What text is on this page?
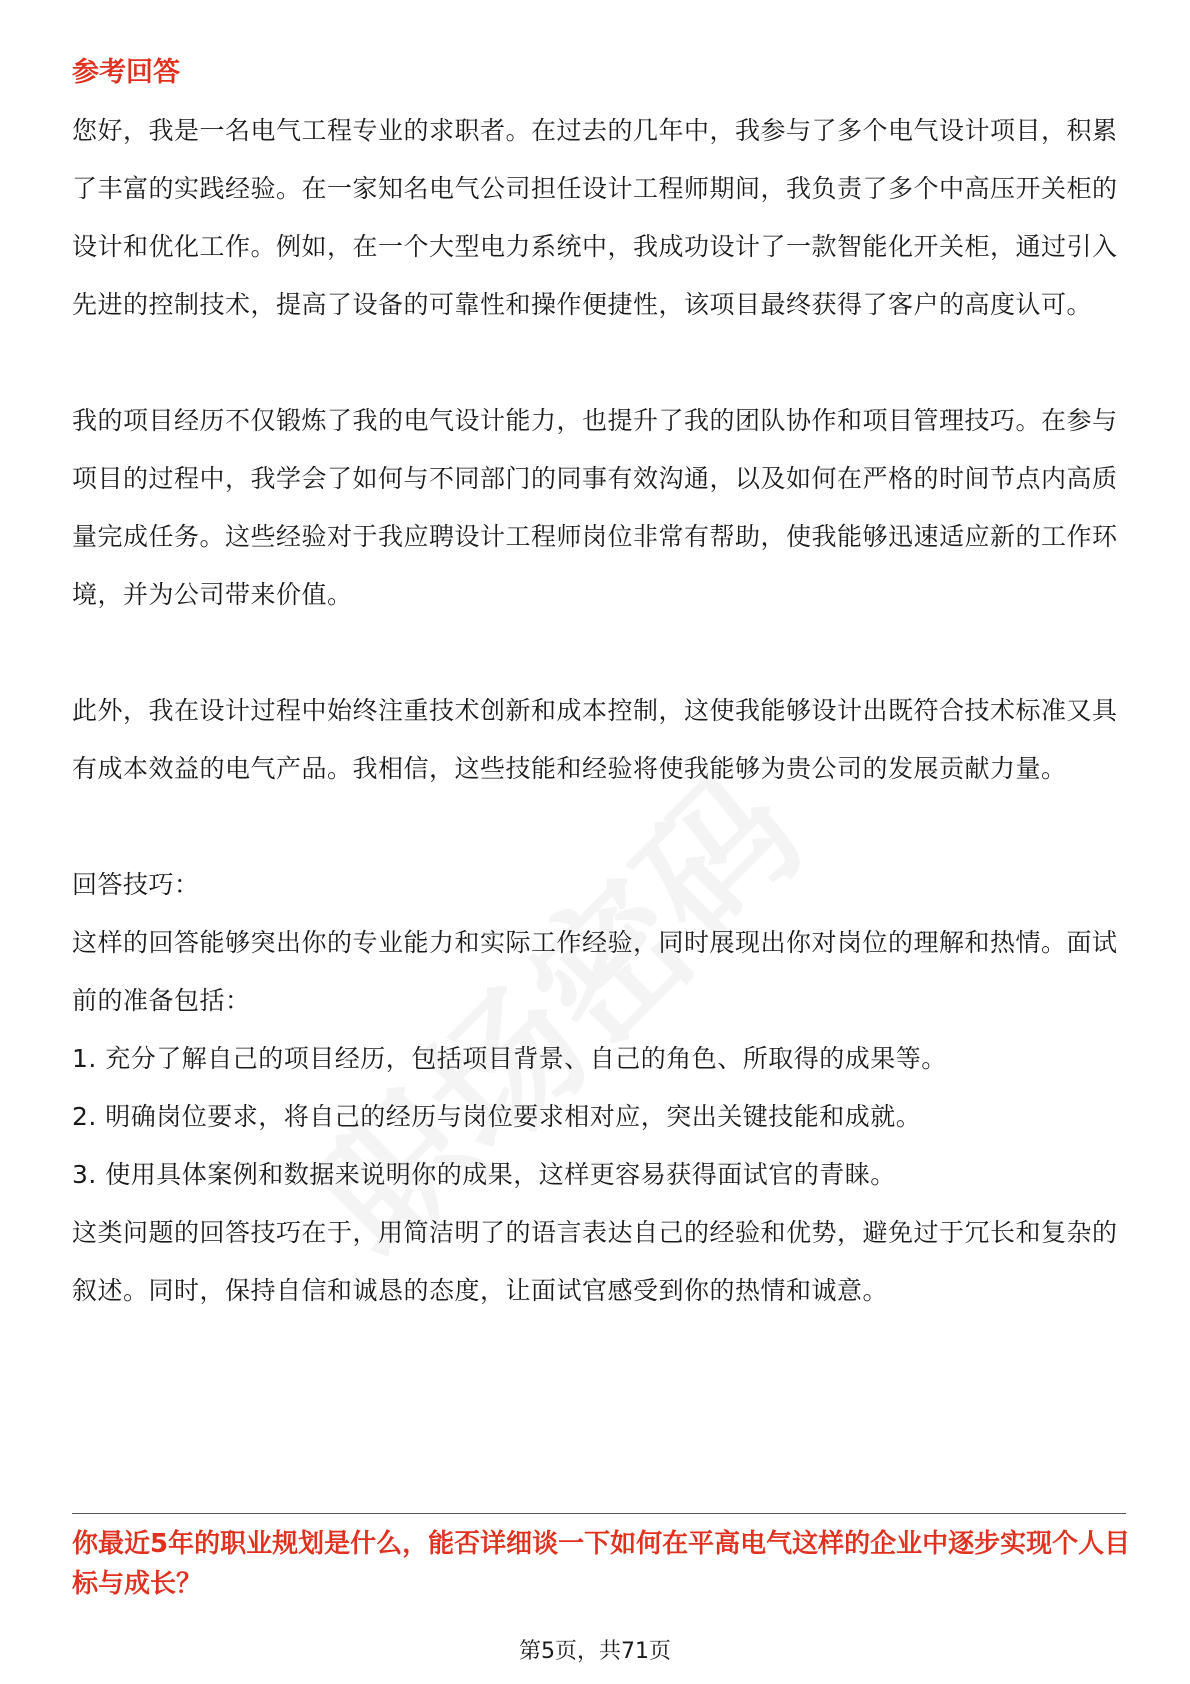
参考回答

您好，我是一名电气工程专业的求职者。在过去的几年中，我参与了多个电气设计项目，积累了丰富的实践经验。在一家知名电气公司担任设计工程师期间，我负责了多个中高压开关柜的设计和优化工作。例如，在一个大型电力系统中，我成功设计了一款智能化开关柜，通过引入先进的控制技术，提高了设备的可靠性和操作便捷性，该项目最终获得了客户的高度认可。

我的项目经历不仅锻炼了我的电气设计能力，也提升了我的团队协作和项目管理技巧。在参与项目的过程中，我学会了如何与不同部门的同事有效沟通，以及如何在严格的时间节点内高质量完成任务。这些经验对于我应聘设计工程师岗位非常有帮助，使我能够迅速适应新的工作环境，并为公司带来价值。

此外，我在设计过程中始终注重技术创新和成本控制，这使我能够设计出既符合技术标准又具有成本效益的电气产品。我相信，这些技能和经验将使我能够为贵公司的发展贡献力量。

回答技巧：

这样的回答能够突出你的专业能力和实际工作经验，同时展现出你对岗位的理解和热情。面试前的准备包括：

1. 充分了解自己的项目经历，包括项目背景、自己的角色、所取得的成果等。

2. 明确岗位要求，将自己的经历与岗位要求相对应，突出关键技能和成就。

3. 使用具体案例和数据来说明你的成果，这样更容易获得面试官的青睐。

这类问题的回答技巧在于，用简洁明了的语言表达自己的经验和优势，避免过于冗长和复杂的叙述。同时，保持自信和诚恳的态度，让面试官感受到你的热情和诚意。

你最近5年的职业规划是什么，能否详细谈一下如何在平高电气这样的企业中逐步实现个人目标与成长？

第5页，共71页
